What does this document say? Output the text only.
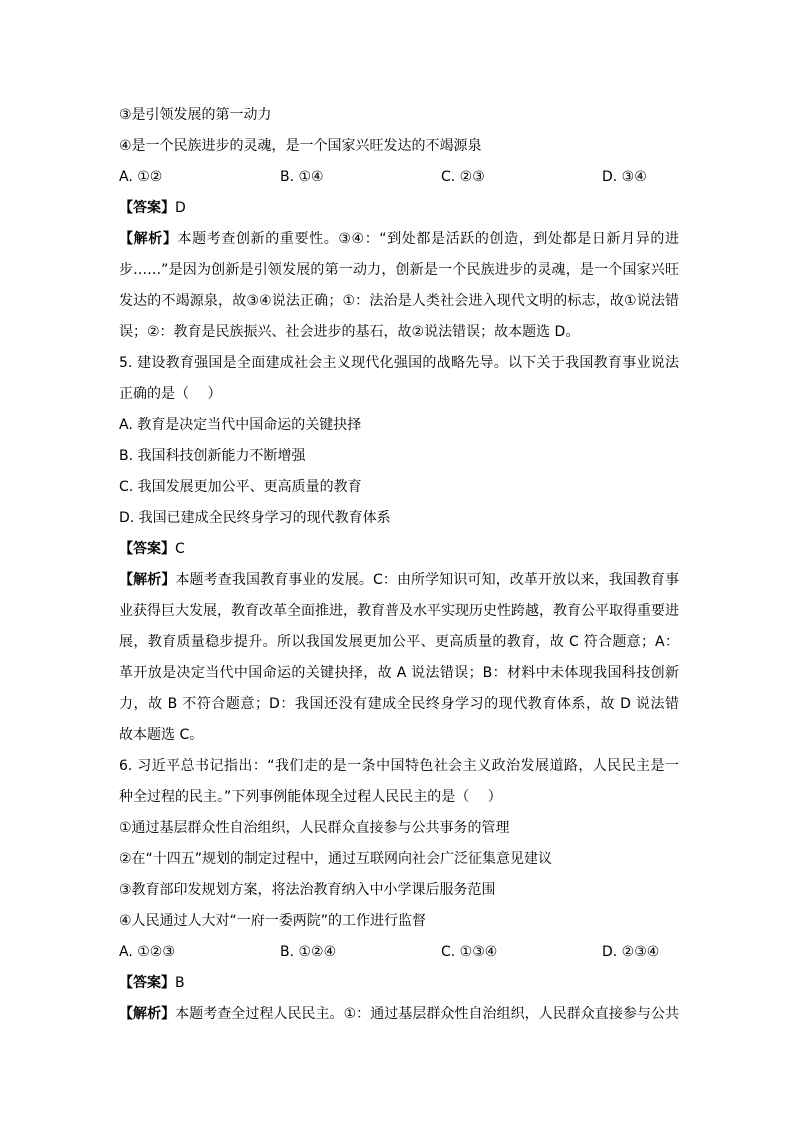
③是引领发展的第一动力
④是一个民族进步的灵魂，是一个国家兴旺发达的不竭源泉
A. ①②	B. ①④	C. ②③	D. ③④
【答案】D
【解析】本题考查创新的重要性。③④：“到处都是活跃的创造，到处都是日新月异的进
步……”是因为创新是引领发展的第一动力，创新是一个民族进步的灵魂，是一个国家兴旺
发达的不竭源泉，故③④说法正确；①：法治是人类社会进入现代文明的标志，故①说法错
误；②：教育是民族振兴、社会进步的基石，故②说法错误；故本题选 D。
5. 建设教育强国是全面建成社会主义现代化强国的战略先导。以下关于我国教育事业说法
正确的是（　 ）
A. 教育是决定当代中国命运的关键抉择
B. 我国科技创新能力不断增强
C. 我国发展更加公平、更高质量的教育
D. 我国已建成全民终身学习的现代教育体系
【答案】C
【解析】本题考查我国教育事业的发展。C：由所学知识可知，改革开放以来，我国教育事
业获得巨大发展，教育改革全面推进，教育普及水平实现历史性跨越，教育公平取得重要进
展，教育质量稳步提升。所以我国发展更加公平、更高质量的教育，故 C 符合题意；A：
革开放是决定当代中国命运的关键抉择，故 A 说法错误；B：材料中未体现我国科技创新
力，故 B 不符合题意；D：我国还没有建成全民终身学习的现代教育体系，故 D 说法错
故本题选 C。
6. 习近平总书记指出：“我们走的是一条中国特色社会主义政治发展道路，人民民主是一
种全过程的民主。”下列事例能体现全过程人民民主的是（　 ）
①通过基层群众性自治组织，人民群众直接参与公共事务的管理
②在“十四五”规划的制定过程中，通过互联网向社会广泛征集意见建议
③教育部印发规划方案，将法治教育纳入中小学课后服务范围
④人民通过人大对“一府一委两院”的工作进行监督
A. ①②③	B. ①②④	C. ①③④	D. ②③④
【答案】B
【解析】本题考查全过程人民民主。①：通过基层群众性自治组织，人民群众直接参与公共
